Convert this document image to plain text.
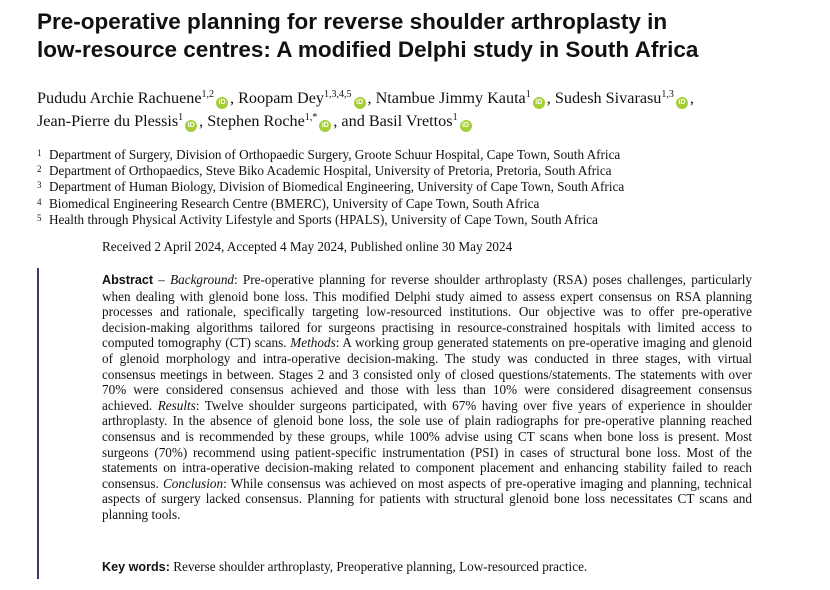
Pre-operative planning for reverse shoulder arthroplasty in
low-resource centres: A modified Delphi study in South Africa
Pududu Archie Rachuene$^{1,2}$iD , Roopam Dey$^{1,3,4,5}$iD , Ntambue Jimmy Kauta$^1$iD , Sudesh Sivarasu$^{1,3}$iD ,
Jean-Pierre du Plessis$^1$iD , Stephen Roche$^{1,*}$iD , and Basil Vrettos$^1$iD
1 Department of Surgery, Division of Orthopaedic Surgery, Groote Schuur Hospital, Cape Town, South Africa
2 Department of Orthopaedics, Steve Biko Academic Hospital, University of Pretoria, Pretoria, South Africa
3 Department of Human Biology, Division of Biomedical Engineering, University of Cape Town, South Africa
4 Biomedical Engineering Research Centre (BMERC), University of Cape Town, South Africa
5 Health through Physical Activity Lifestyle and Sports (HPALS), University of Cape Town, South Africa
Received 2 April 2024, Accepted 4 May 2024, Published online 30 May 2024
Abstract – Background: Pre-operative planning for reverse shoulder arthroplasty (RSA) poses challenges, particularly when dealing with glenoid bone loss. This modified Delphi study aimed to assess expert consensus on RSA planning processes and rationale, specifically targeting low-resourced institutions. Our objective was to offer pre-operative decision-making algorithms tailored for surgeons practising in resource-constrained hospitals with limited access to computed tomography (CT) scans. Methods: A working group generated statements on pre-operative imaging and glenoid of glenoid morphology and intra-operative decision-making. The study was conducted in three stages, with virtual consensus meetings in between. Stages 2 and 3 consisted only of closed questions/statements. The statements with over 70% were considered consensus achieved and those with less than 10% were considered disagreement consensus achieved. Results: Twelve shoulder surgeons participated, with 67% having over five years of experience in shoulder arthroplasty. In the absence of glenoid bone loss, the sole use of plain radiographs for pre-operative planning reached consensus and is recommended by these groups, while 100% advise using CT scans when bone loss is present. Most surgeons (70%) recommend using patient-specific instrumentation (PSI) in cases of structural bone loss. Most of the statements on intra-operative decision-making related to component placement and enhancing stability failed to reach consensus. Conclusion: While consensus was achieved on most aspects of pre-operative imaging and planning, technical aspects of surgery lacked consensus. Planning for patients with structural glenoid bone loss necessitates CT scans and planning tools.
Key words: Reverse shoulder arthroplasty, Preoperative planning, Low-resourced practice.
